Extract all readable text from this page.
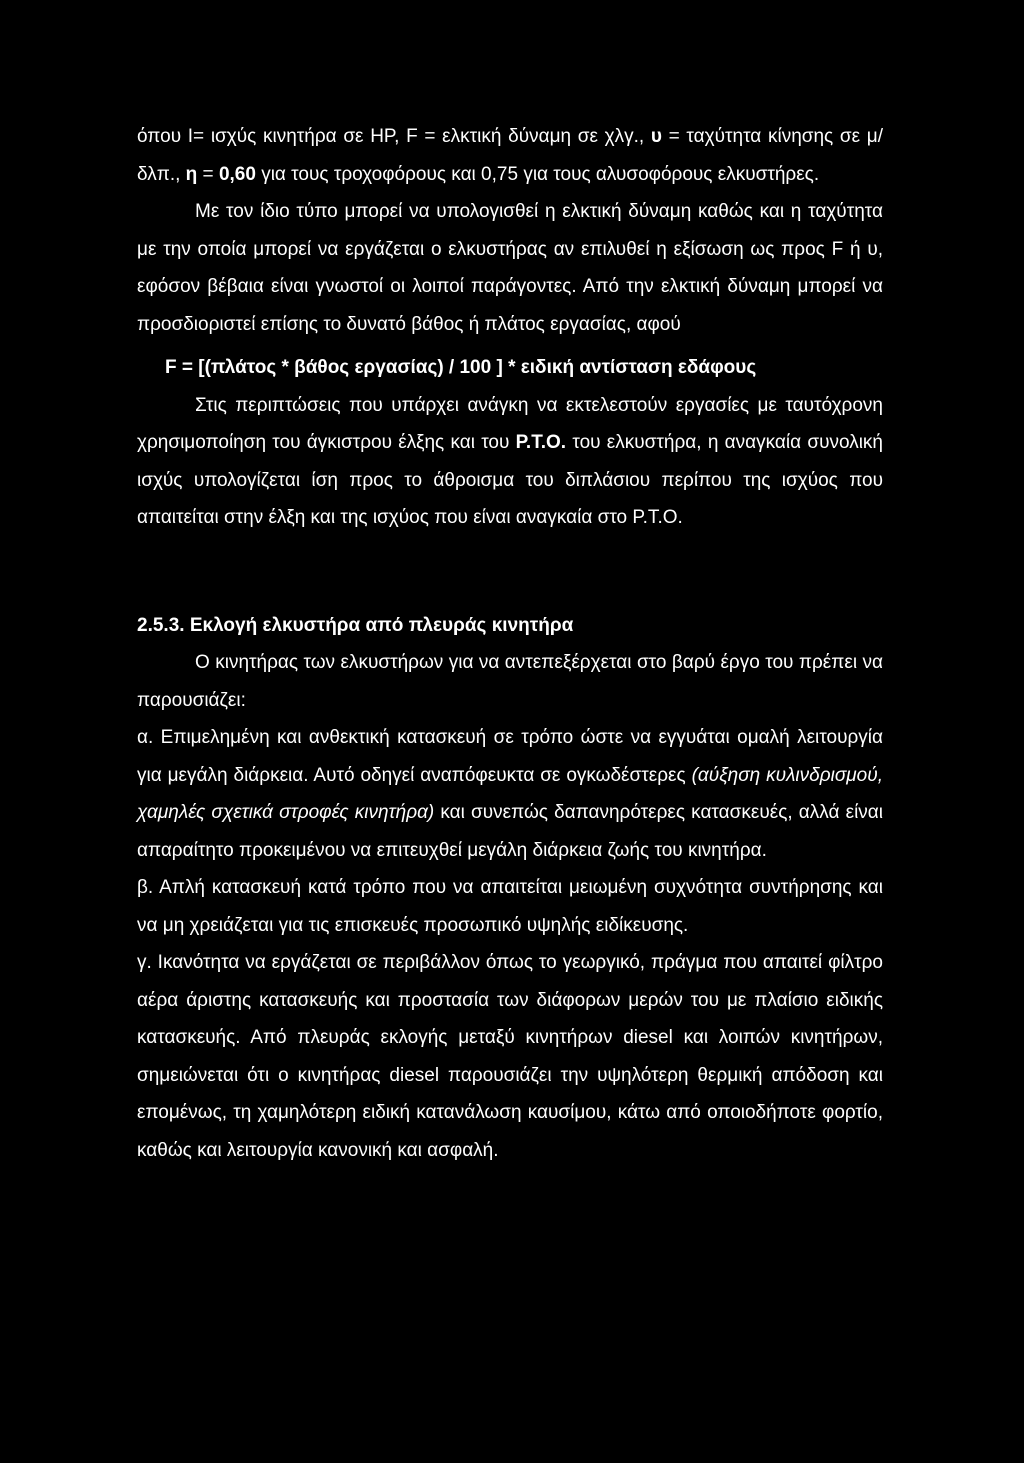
όπου I= ισχύς κινητήρα σε HP, F = ελκτική δύναμη σε χλγ., υ = ταχύτητα κίνησης σε μ/δλπ., η = 0,60 για τους τροχοφόρους και 0,75 για τους αλυσοφόρους ελκυστήρες.

Με τον ίδιο τύπο μπορεί να υπολογισθεί η ελκτική δύναμη καθώς και η ταχύτητα με την οποία μπορεί να εργάζεται ο ελκυστήρας αν επιλυθεί η εξίσωση ως προς F ή υ, εφόσον βέβαια είναι γνωστοί οι λοιποί παράγοντες. Από την ελκτική δύναμη μπορεί να προσδιοριστεί επίσης το δυνατό βάθος ή πλάτος εργασίας, αφού

F = [(πλάτος * βάθος εργασίας) / 100 ] * ειδική αντίσταση εδάφους

Στις περιπτώσεις που υπάρχει ανάγκη να εκτελεστούν εργασίες με ταυτόχρονη χρησιμοποίηση του άγκιστρου έλξης και του Ρ.Τ.Ο. του ελκυστήρα, η αναγκαία συνολική ισχύς υπολογίζεται ίση προς το άθροισμα του διπλάσιου περίπου της ισχύος που απαιτείται στην έλξη και της ισχύος που είναι αναγκαία στο Ρ.Τ.Ο.

2.5.3. Εκλογή ελκυστήρα από πλευράς κινητήρα

Ο κινητήρας των ελκυστήρων για να αντεπεξέρχεται στο βαρύ έργο του πρέπει να παρουσιάζει:

α. Επιμελημένη και ανθεκτική κατασκευή σε τρόπο ώστε να εγγυάται ομαλή λειτουργία για μεγάλη διάρκεια. Αυτό οδηγεί αναπόφευκτα σε ογκωδέστερες (αύξηση κυλινδρισμού, χαμηλές σχετικά στροφές κινητήρα) και συνεπώς δαπανηρότερες κατασκευές, αλλά είναι απαραίτητο προκειμένου να επιτευχθεί μεγάλη διάρκεια ζωής του κινητήρα.

β. Απλή κατασκευή κατά τρόπο που να απαιτείται μειωμένη συχνότητα συντήρησης και να μη χρειάζεται για τις επισκευές προσωπικό υψηλής ειδίκευσης.

γ. Ικανότητα να εργάζεται σε περιβάλλον όπως το γεωργικό, πράγμα που απαιτεί φίλτρο αέρα άριστης κατασκευής και προστασία των διάφορων μερών του με πλαίσιο ειδικής κατασκευής. Από πλευράς εκλογής μεταξύ κινητήρων diesel και λοιπών κινητήρων, σημειώνεται ότι ο κινητήρας diesel παρουσιάζει την υψηλότερη θερμική απόδοση και επομένως, τη χαμηλότερη ειδική κατανάλωση καυσίμου, κάτω από οποιοδήποτε φορτίο, καθώς και λειτουργία κανονική και ασφαλή.
